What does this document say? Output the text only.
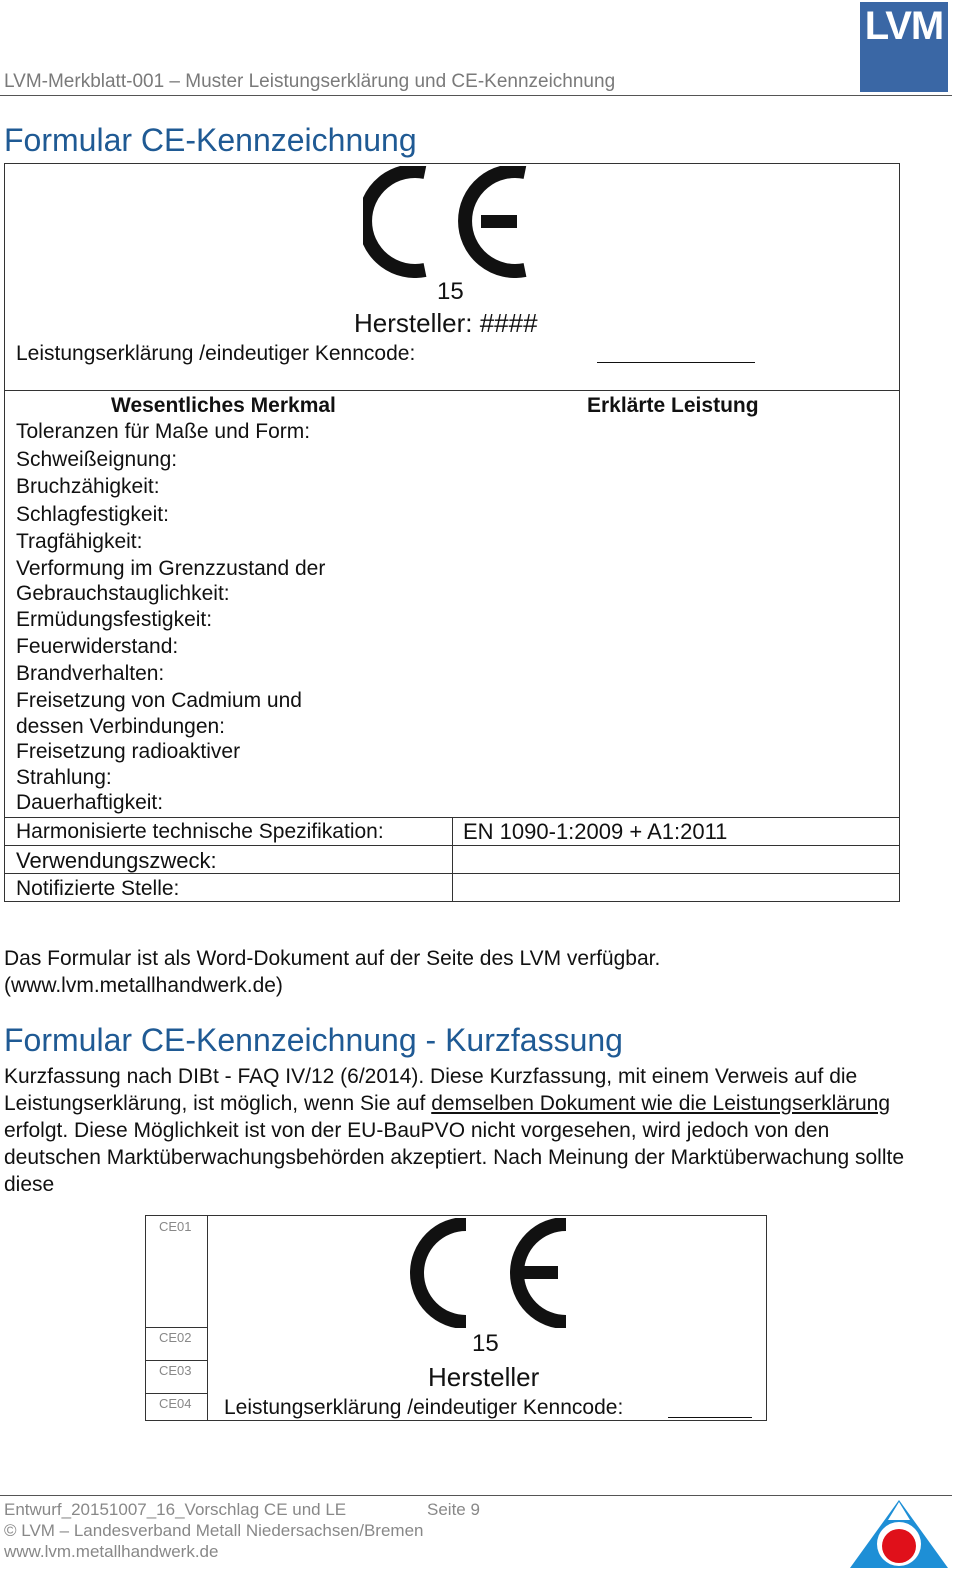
LVM-Merkblatt-001 – Muster Leistungserklärung und CE-Kennzeichnung
LVM
Formular CE-Kennzeichnung
15
Hersteller: ####
Leistungserklärung /eindeutiger Kenncode:
Wesentliches Merkmal	Erklärte Leistung
Toleranzen für Maße und Form:
Schweißeignung:
Bruchzähigkeit:
Schlagfestigkeit:
Tragfähigkeit:
Verformung im Grenzzustand der
Gebrauchstauglichkeit:
Ermüdungsfestigkeit:
Feuerwiderstand:
Brandverhalten:
Freisetzung von Cadmium und
dessen Verbindungen:
Freisetzung radioaktiver
Strahlung:
Dauerhaftigkeit:
Harmonisierte technische Spezifikation:	EN 1090-1:2009 + A1:2011
Verwendungszweck:
Notifizierte Stelle:
Das Formular ist als Word-Dokument auf der Seite des LVM verfügbar.
(www.lvm.metallhandwerk.de)
Formular CE-Kennzeichnung - Kurzfassung
Kurzfassung nach DIBt - FAQ IV/12 (6/2014). Diese Kurzfassung, mit einem Verweis auf die
Leistungserklärung, ist möglich, wenn Sie auf demselben Dokument wie die Leistungserklärung
erfolgt. Diese Möglichkeit ist von der EU-BauPVO nicht vorgesehen, wird jedoch von den
deutschen Marktüberwachungsbehörden akzeptiert. Nach Meinung der Marktüberwachung sollte
diese
CE01
CE02
CE03
CE04
15
Hersteller
Leistungserklärung /eindeutiger Kenncode:
Entwurf_20151007_16_Vorschlag CE und LE	Seite 9
© LVM – Landesverband Metall Niedersachsen/Bremen
www.lvm.metallhandwerk.de
